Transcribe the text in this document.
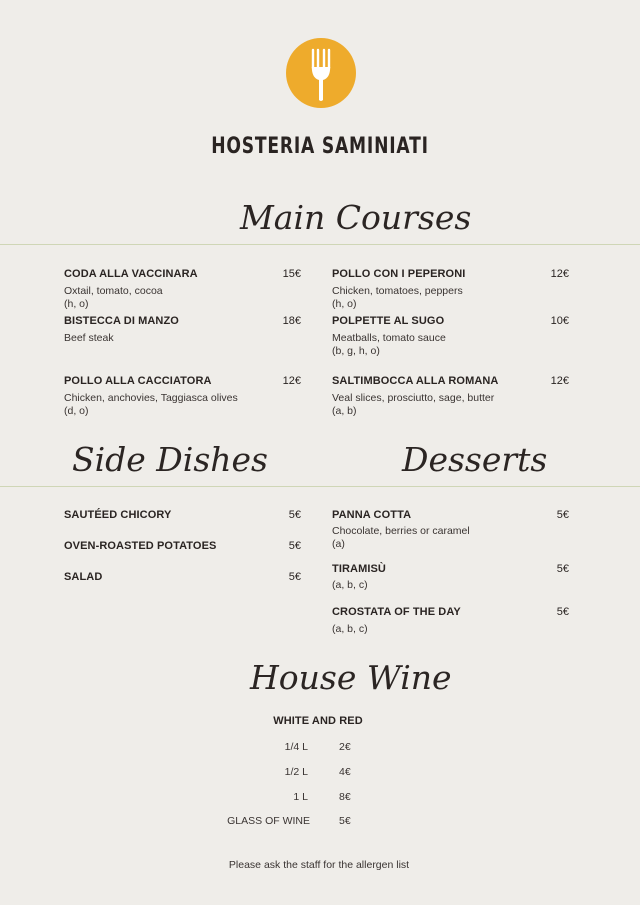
HOSTERIA SAMINIATI
Main Courses
CODA ALLA VACCINARA	15€
Oxtail, tomato, cocoa
(h, o)
POLLO CON I PEPERONI	12€
Chicken, tomatoes, peppers
(h, o)
BISTECCA DI MANZO	18€
Beef steak
POLPETTE AL SUGO	10€
Meatballs, tomato sauce
(b, g, h, o)
POLLO ALLA CACCIATORA	12€
Chicken, anchovies, Taggiasca olives
(d, o)
SALTIMBOCCA ALLA ROMANA	12€
Veal slices, prosciutto, sage, butter
(a, b)
Side Dishes	Desserts
SAUTÉED CHICORY	5€
OVEN-ROASTED POTATOES	5€
SALAD	5€
PANNA COTTA	5€
Chocolate, berries or caramel
(a)
TIRAMISÙ	5€
(a, b, c)
CROSTATA OF THE DAY	5€
(a, b, c)
House Wine
WHITE AND RED
1/4 L	2€
1/2 L	4€
1 L	8€
GLASS OF WINE	5€
Please ask the staff for the allergen list
